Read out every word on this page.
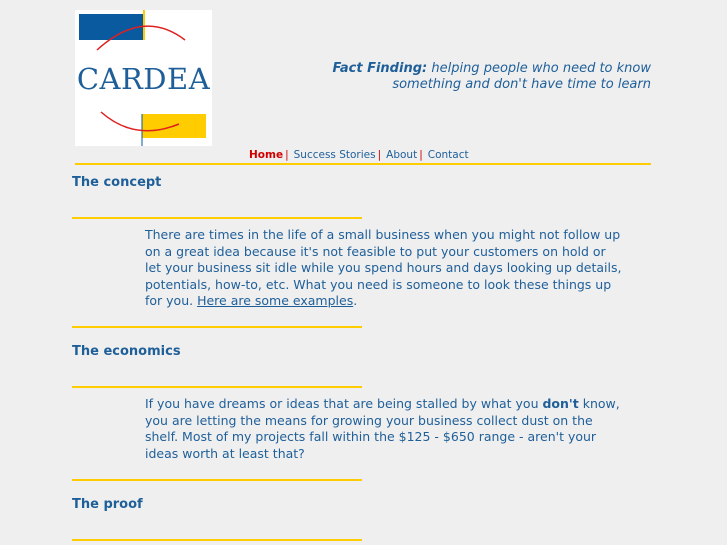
CARDEA	Fact Finding: helping people who need to know something and don't have time to learn
Home | Success Stories | About | Contact
The concept
There are times in the life of a small business when you might not follow up on a great idea because it's not feasible to put your customers on hold or let your business sit idle while you spend hours and days looking up details, potentials, how-to, etc. What you need is someone to look these things up for you. Here are some examples.
The economics
If you have dreams or ideas that are being stalled by what you don't know, you are letting the means for growing your business collect dust on the shelf. Most of my projects fall within the $125 - $650 range - aren't your ideas worth at least that?
The proof
